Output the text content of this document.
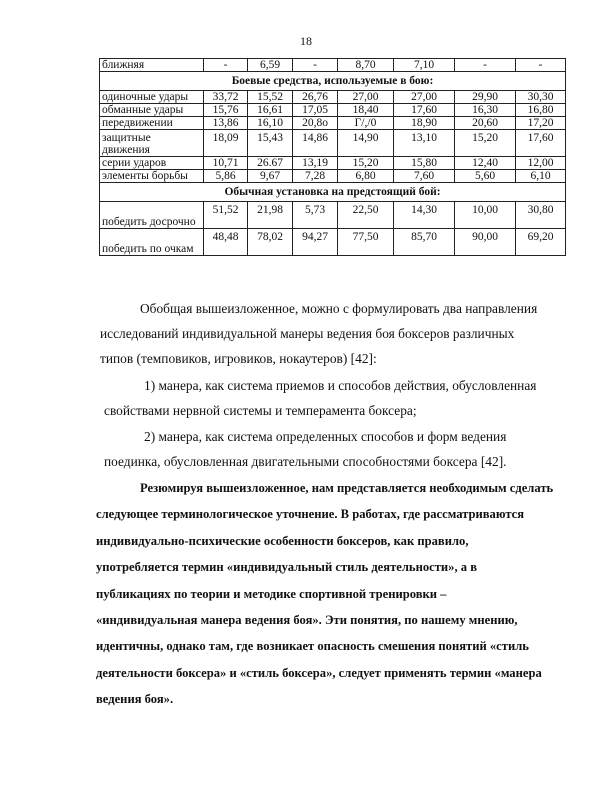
18
ближняя	-	6,59	-	8,70	7,10	-	-
Боевые средства, используемые в бою:							
одиночные удары	33,72	15,52	26,76	27,00	27,00	29,90	30,30
обманные удары	15,76	16,61	17,05	18,40	17,60	16,30	16,80
передвижении	13,86	16,10	20,8о	Г/,/0	18,90	20,60	17,20
защитные движения	18,09	15,43	14,86	14,90	13,10	15,20	17,60
серии ударов	10,71	26.67	13,19	15,20	15,80	12,40	12,00
элементы борьбы	5,86	9,67	7,28	6,80	7,60	5,60	6,10
Обычная установка на предстоящий бой:							
победить досрочно	51,52	21,98	5,73	22,50	14,30	10,00	30,80
победить по очкам	48,48	78,02	94,27	77,50	85,70	90,00	69,20

Обобщая вышеизложенное, можно с формулировать два направления
исследований индивидуальной манеры ведения боя боксеров различных
типов (темповиков, игровиков, нокаутеров) [42]:

1) манера, как система приемов и способов действия, обусловленная
свойствами нервной системы и темперамента боксера;

2) манера, как система определенных способов и форм ведения
поединка, обусловленная двигательными способностями боксера [42].

Резюмируя вышеизложенное, нам представляется необходимым сделать
следующее терминологическое уточнение. В работах, где рассматриваются
индивидуально-психические особенности боксеров, как правило,
употребляется термин «индивидуальный стиль деятельности», а в
публикациях по теории и методике спортивной тренировки –
«индивидуальная манера ведения боя». Эти понятия, по нашему мнению,
идентичны, однако там, где возникает опасность смешения понятий «стиль
деятельности боксера» и «стиль боксера», следует применять термин «манера
ведения боя».
